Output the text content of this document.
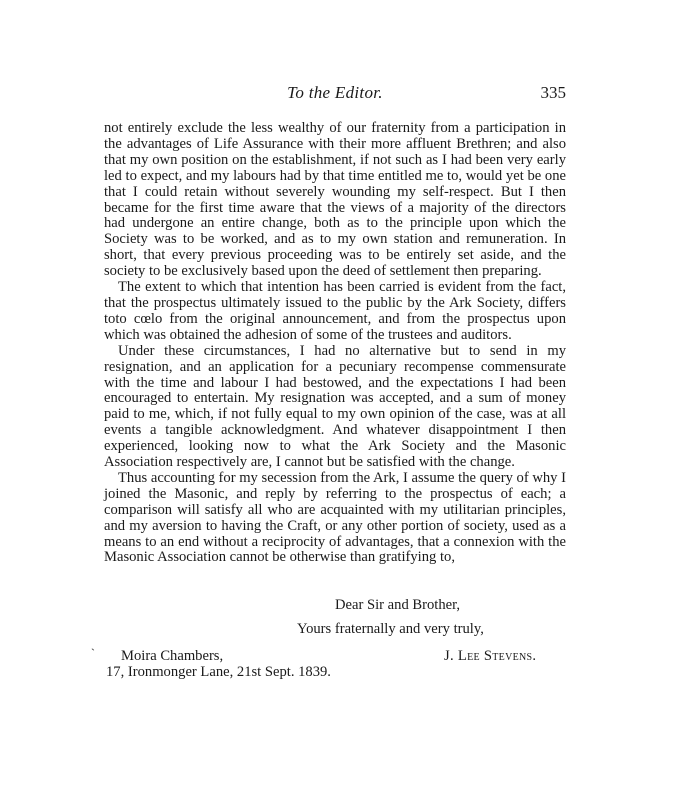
To the Editor.	335

not entirely exclude the less wealthy of our fraternity from a participation in the advantages of Life Assurance with their more affluent Brethren; and also that my own position on the establishment, if not such as I had been very early led to expect, and my labours had by that time entitled me to, would yet be one that I could retain without severely wounding my self-respect. But I then became for the first time aware that the views of a majority of the directors had undergone an entire change, both as to the principle upon which the Society was to be worked, and as to my own station and remuneration. In short, that every previous proceeding was to be entirely set aside, and the society to be exclusively based upon the deed of settlement then preparing.

The extent to which that intention has been carried is evident from the fact, that the prospectus ultimately issued to the public by the Ark Society, differs toto cœlo from the original announcement, and from the prospectus upon which was obtained the adhesion of some of the trustees and auditors.

Under these circumstances, I had no alternative but to send in my resignation, and an application for a pecuniary recompense commensurate with the time and labour I had bestowed, and the expectations I had been encouraged to entertain. My resignation was accepted, and a sum of money paid to me, which, if not fully equal to my own opinion of the case, was at all events a tangible acknowledgment. And whatever disappointment I then experienced, looking now to what the Ark Society and the Masonic Association respectively are, I cannot but be satisfied with the change.

Thus accounting for my secession from the Ark, I assume the query of why I joined the Masonic, and reply by referring to the prospectus of each; a comparison will satisfy all who are acquainted with my utilitarian principles, and my aversion to having the Craft, or any other portion of society, used as a means to an end without a reciprocity of advantages, that a connexion with the Masonic Association cannot be otherwise than gratifying to,

Dear Sir and Brother,
Yours fraternally and very truly,
` Moira Chambers,
17, Ironmonger Lane, 21st Sept. 1839.
J. Lee Stevens.
